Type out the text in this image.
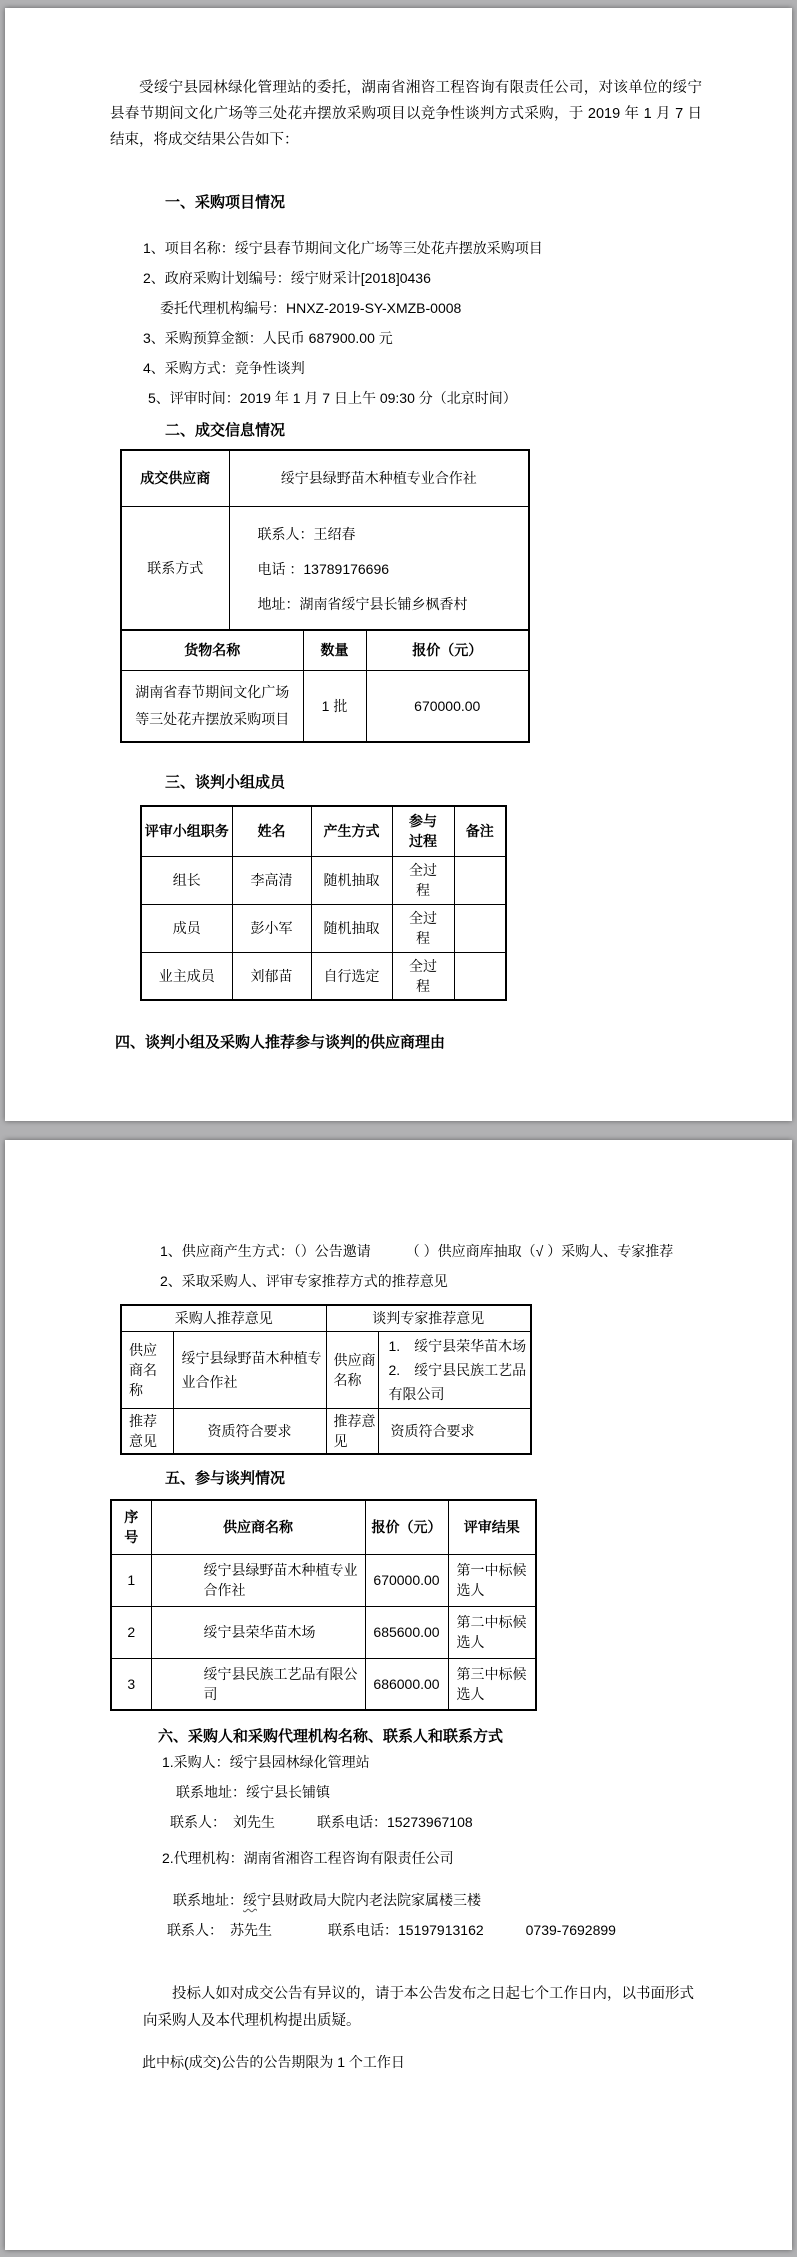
受绥宁县园林绿化管理站的委托，湖南省湘咨工程咨询有限责任公司，对该单位的绥宁县春节期间文化广场等三处花卉摆放采购项目以竞争性谈判方式采购，于 2019 年 1 月 7 日结束，将成交结果公告如下：

一、采购项目情况
1、项目名称：绥宁县春节期间文化广场等三处花卉摆放采购项目
2、政府采购计划编号：绥宁财采计[2018]0436
委托代理机构编号：HNXZ-2019-SY-XMZB-0008
3、采购预算金额：人民币 687900.00 元
4、采购方式：竞争性谈判
5、评审时间：2019 年 1 月 7 日上午 09:30 分（北京时间）
二、成交信息情况
成交供应商	绥宁县绿野苗木种植专业合作社
联系方式	联系人：王绍春
电话 ：13789176696
地址：湖南省绥宁县长铺乡枫香村
货物名称	数量	报价（元）
湖南省春节期间文化广场等三处花卉摆放采购项目	1 批	670000.00
三、谈判小组成员
评审小组职务	姓名	产生方式	参与过程	备注
组长	李高清	随机抽取	全过程	
成员	彭小军	随机抽取	全过程	
业主成员	刘郁苗	自行选定	全过程	
四、谈判小组及采购人推荐参与谈判的供应商理由
1、供应商产生方式：（）公告邀请　　　（ ）供应商库抽取（√ ）采购人、专家推荐
2、采取采购人、评审专家推荐方式的推荐意见
采购人推荐意见		谈判专家推荐意见	
供应商名称	绥宁县绿野苗木种植专业合作社	供应商名称	1.　绥宁县荣华苗木场
2.　绥宁县民族工艺品有限公司

推荐意见	资质符合要求	推荐意见	资质符合要求
五、参与谈判情况
序号	供应商名称	报价（元）	评审结果
1	绥宁县绿野苗木种植专业合作社	670000.00	第一中标候选人
2	绥宁县荣华苗木场	685600.00	第二中标候选人
3	绥宁县民族工艺品有限公司	686000.00	第三中标候选人
六、采购人和采购代理机构名称、联系人和联系方式
1.采购人：绥宁县园林绿化管理站
联系地址：绥宁县长铺镇
联系人：　刘先生　　　联系电话：15273967108
2.代理机构：湖南省湘咨工程咨询有限责任公司
联系地址：绥宁县财政局大院内老法院家属楼三楼
联系人：　苏先生　　　　联系电话：15197913162　　　0739-7692899

投标人如对成交公告有异议的，请于本公告发布之日起七个工作日内，以书面形式向采购人及本代理机构提出质疑。

此中标(成交)公告的公告期限为 1 个工作日
